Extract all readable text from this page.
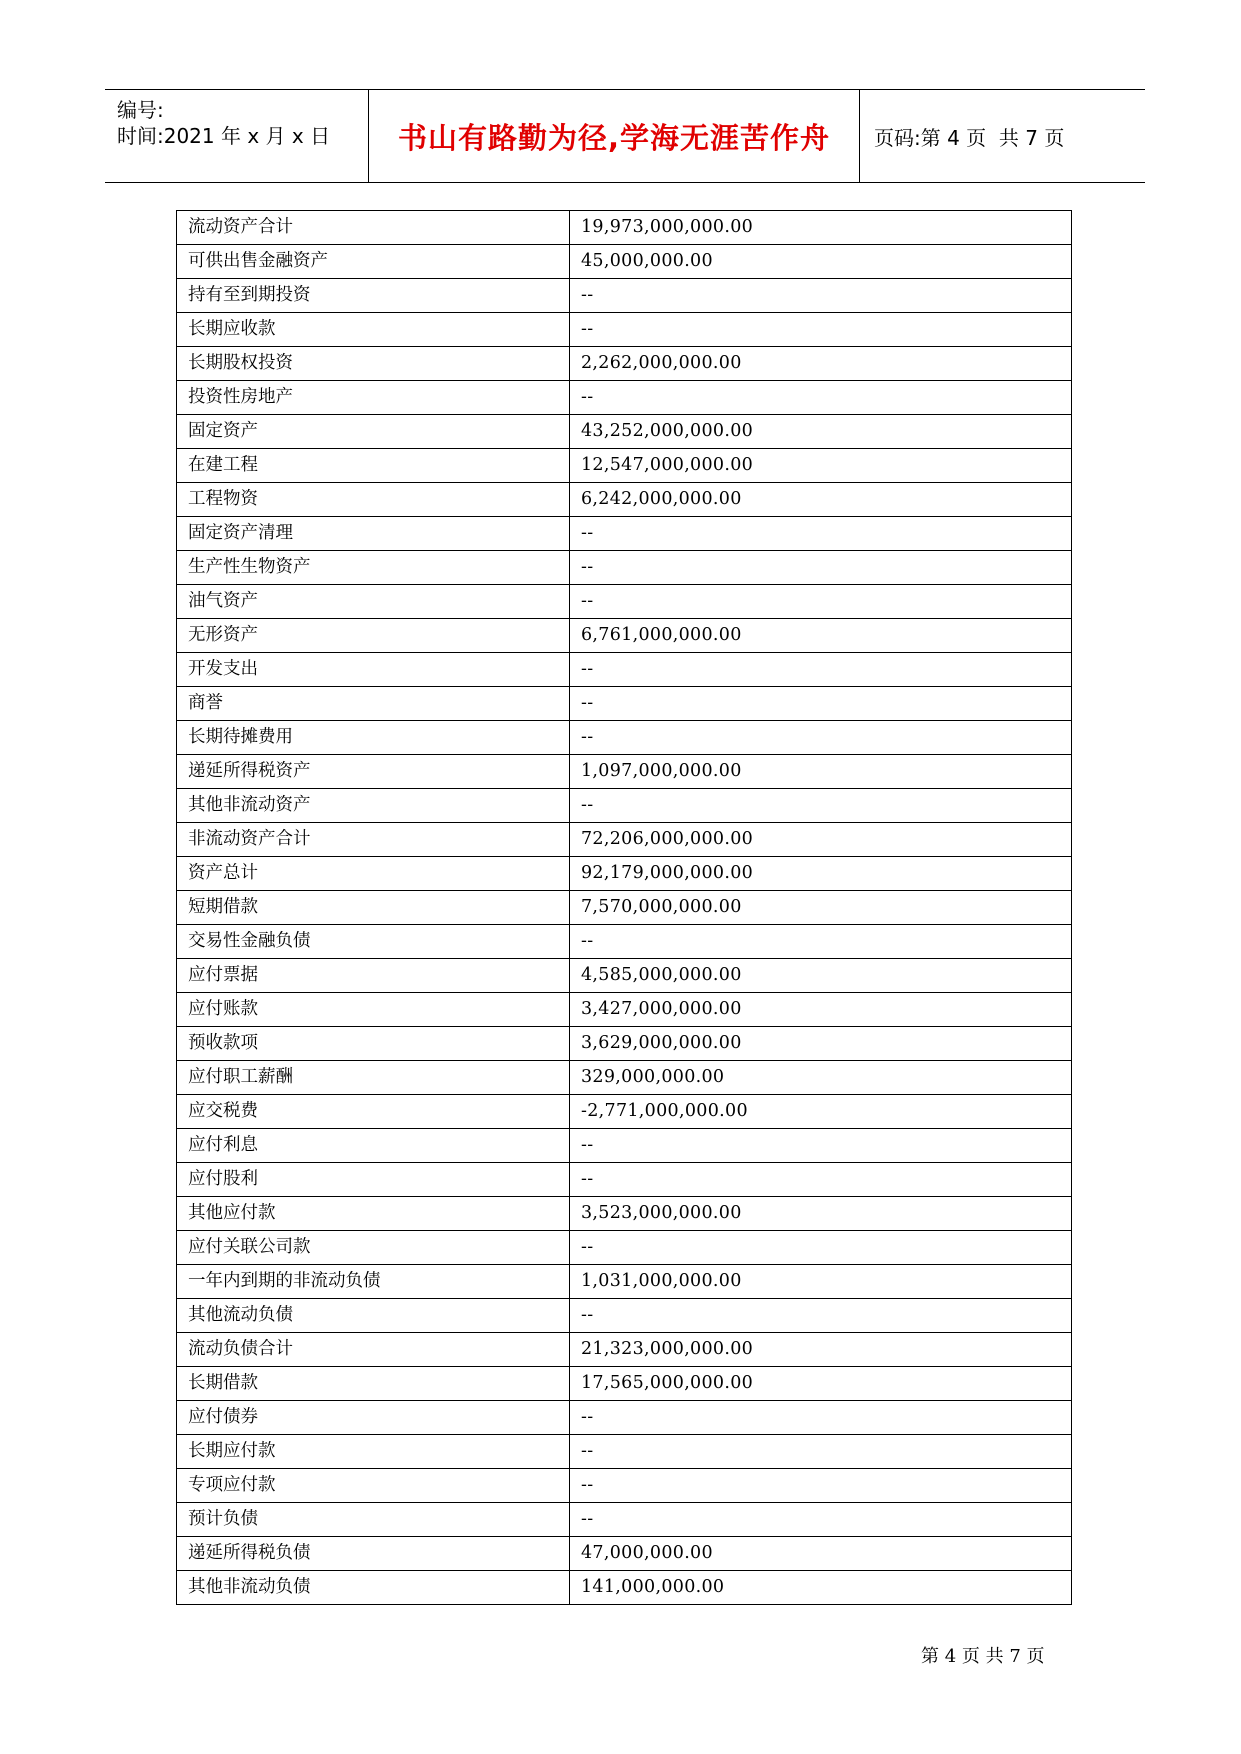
编号:
时间:2021 年 x 月 x 日 书山有路勤为径,学海无涯苦作舟 页码:第 4 页  共 7 页
流动资产合计	19,973,000,000.00
可供出售金融资产	45,000,000.00
持有至到期投资	--
长期应收款	--
长期股权投资	2,262,000,000.00
投资性房地产	--
固定资产	43,252,000,000.00
在建工程	12,547,000,000.00
工程物资	6,242,000,000.00
固定资产清理	--
生产性生物资产	--
油气资产	--
无形资产	6,761,000,000.00
开发支出	--
商誉	--
长期待摊费用	--
递延所得税资产	1,097,000,000.00
其他非流动资产	--
非流动资产合计	72,206,000,000.00
资产总计	92,179,000,000.00
短期借款	7,570,000,000.00
交易性金融负债	--
应付票据	4,585,000,000.00
应付账款	3,427,000,000.00
预收款项	3,629,000,000.00
应付职工薪酬	329,000,000.00
应交税费	-2,771,000,000.00
应付利息	--
应付股利	--
其他应付款	3,523,000,000.00
应付关联公司款	--
一年内到期的非流动负债	1,031,000,000.00
其他流动负债	--
流动负债合计	21,323,000,000.00
长期借款	17,565,000,000.00
应付债券	--
长期应付款	--
专项应付款	--
预计负债	--
递延所得税负债	47,000,000.00
其他非流动负债	141,000,000.00
第 4 页 共 7 页
